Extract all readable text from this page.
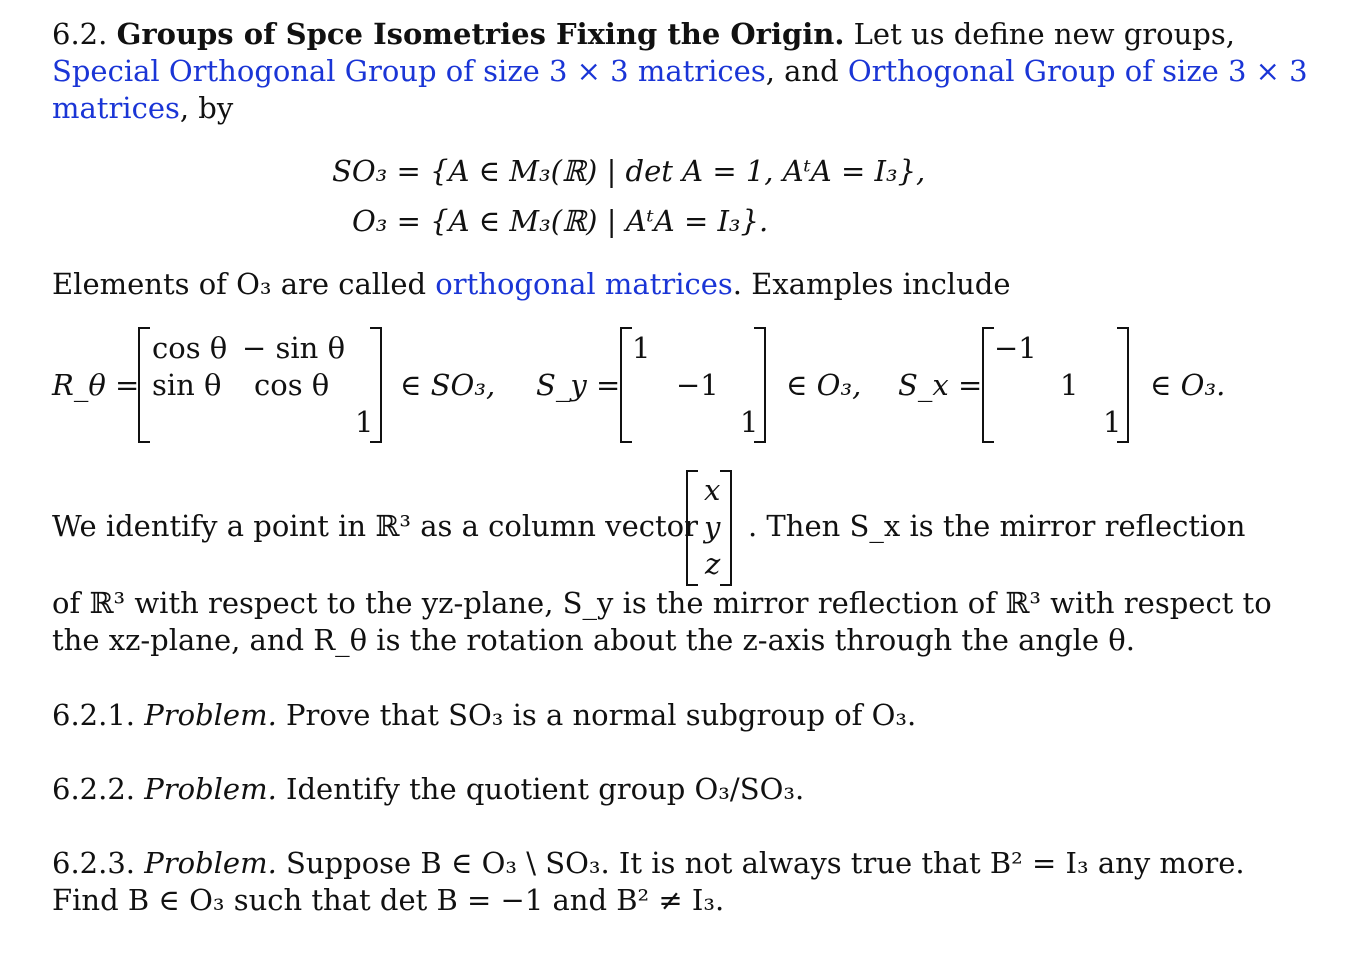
6.2. Groups of Spce Isometries Fixing the Origin. Let us define new groups,
Special Orthogonal Group of size 3 × 3 matrices, and Orthogonal Group of size 3 × 3
matrices, by
SO₃ = {A ∈ M₃(ℝ) | det A = 1, AᵗA = I₃},
O₃ = {A ∈ M₃(ℝ) | AᵗA = I₃}.
Elements of O₃ are called orthogonal matrices. Examples include
R_θ =
cos θ − sin θ
sin θ cos θ
1
∈ SO₃, S_y =
1
−1
1
∈ O₃, S_x =
−1
1
1
∈ O₃.
We identify a point in ℝ³ as a column vector
x
y
z
. Then S_x is the mirror reflection
of ℝ³ with respect to the yz-plane, S_y is the mirror reflection of ℝ³ with respect to
the xz-plane, and R_θ is the rotation about the z-axis through the angle θ.
6.2.1. Problem. Prove that SO₃ is a normal subgroup of O₃.
6.2.2. Problem. Identify the quotient group O₃/SO₃.
6.2.3. Problem. Suppose B ∈ O₃ \ SO₃. It is not always true that B² = I₃ any more.
Find B ∈ O₃ such that det B = −1 and B² ≠ I₃.
